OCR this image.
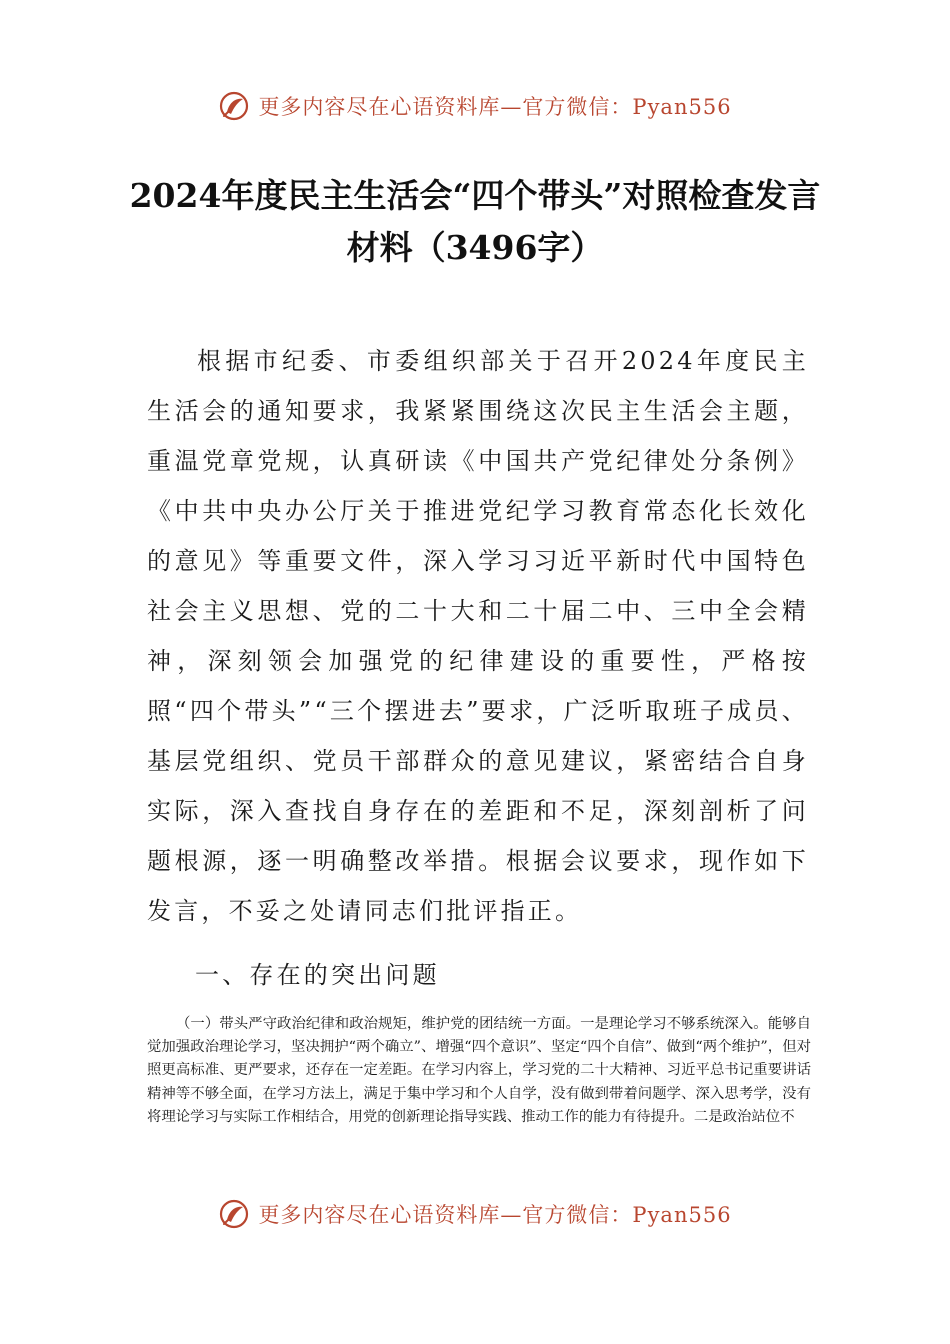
更多内容尽在心语资料库—官方微信：Pyan556
2024年度民主生活会“四个带头”对照检查发言材料（3496字）

根据市纪委、市委组织部关于召开2024年度民主生活会的通知要求，我紧紧围绕这次民主生活会主题，重温党章党规，认真研读《中国共产党纪律处分条例》《中共中央办公厅关于推进党纪学习教育常态化长效化的意见》等重要文件，深入学习习近平新时代中国特色社会主义思想、党的二十大和二十届二中、三中全会精神，深刻领会加强党的纪律建设的重要性，严格按照“四个带头”“三个摆进去”要求，广泛听取班子成员、基层党组织、党员干部群众的意见建议，紧密结合自身实际，深入查找自身存在的差距和不足，深刻剖析了问题根源，逐一明确整改举措。根据会议要求，现作如下发言，不妥之处请同志们批评指正。

一、存在的突出问题

（一）带头严守政治纪律和政治规矩，维护党的团结统一方面。一是理论学习不够系统深入。能够自觉加强政治理论学习，坚决拥护“两个确立”、增强“四个意识”、坚定“四个自信”、做到“两个维护”，但对照更高标准、更严要求，还存在一定差距。在学习内容上，学习党的二十大精神、习近平总书记重要讲话精神等不够全面，在学习方法上，满足于集中学习和个人自学，没有做到带着问题学、深入思考学，没有将理论学习与实际工作相结合，用党的创新理论指导实践、推动工作的能力有待提升。二是政治站位不

更多内容尽在心语资料库—官方微信：Pyan556
